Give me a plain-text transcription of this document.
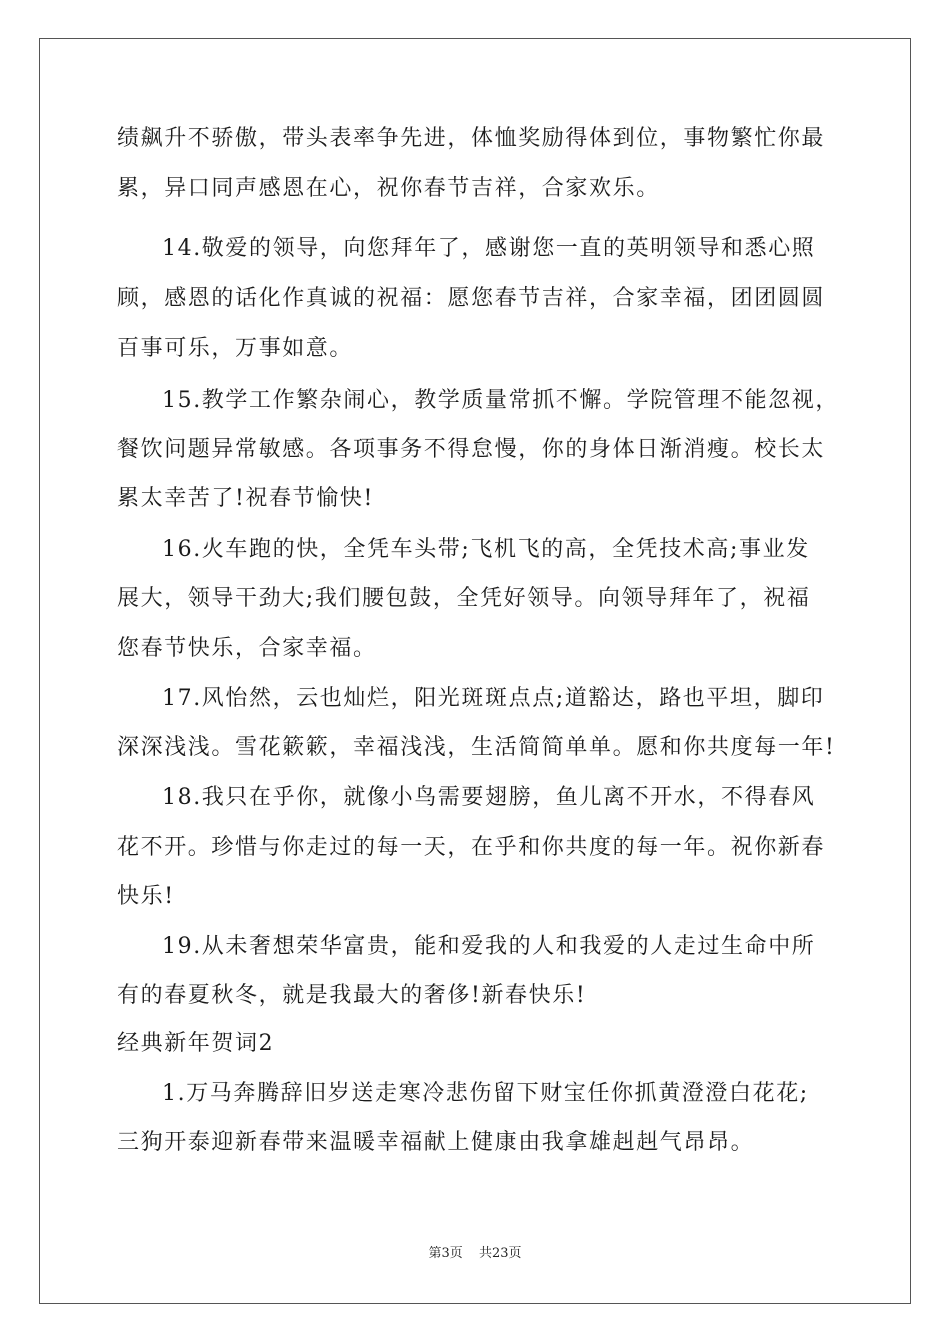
绩飙升不骄傲，带头表率争先进，体恤奖励得体到位，事物繁忙你最
累，异口同声感恩在心，祝你春节吉祥，合家欢乐。
14.敬爱的领导，向您拜年了，感谢您一直的英明领导和悉心照
顾，感恩的话化作真诚的祝福：愿您春节吉祥，合家幸福，团团圆圆
百事可乐，万事如意。
15.教学工作繁杂闹心，教学质量常抓不懈。学院管理不能忽视，
餐饮问题异常敏感。各项事务不得怠慢，你的身体日渐消瘦。校长太
累太幸苦了!祝春节愉快!
16.火车跑的快，全凭车头带;飞机飞的高，全凭技术高;事业发
展大，领导干劲大;我们腰包鼓，全凭好领导。向领导拜年了，祝福
您春节快乐，合家幸福。
17.风怡然，云也灿烂，阳光斑斑点点;道豁达，路也平坦，脚印
深深浅浅。雪花簌簌，幸福浅浅，生活简简单单。愿和你共度每一年!
18.我只在乎你，就像小鸟需要翅膀，鱼儿离不开水，不得春风
花不开。珍惜与你走过的每一天，在乎和你共度的每一年。祝你新春
快乐!
19.从未奢想荣华富贵，能和爱我的人和我爱的人走过生命中所
有的春夏秋冬，就是我最大的奢侈!新春快乐!
经典新年贺词2
1.万马奔腾辞旧岁送走寒冷悲伤留下财宝任你抓黄澄澄白花花;
三狗开泰迎新春带来温暖幸福献上健康由我拿雄赳赳气昂昂。
第3页 共23页
